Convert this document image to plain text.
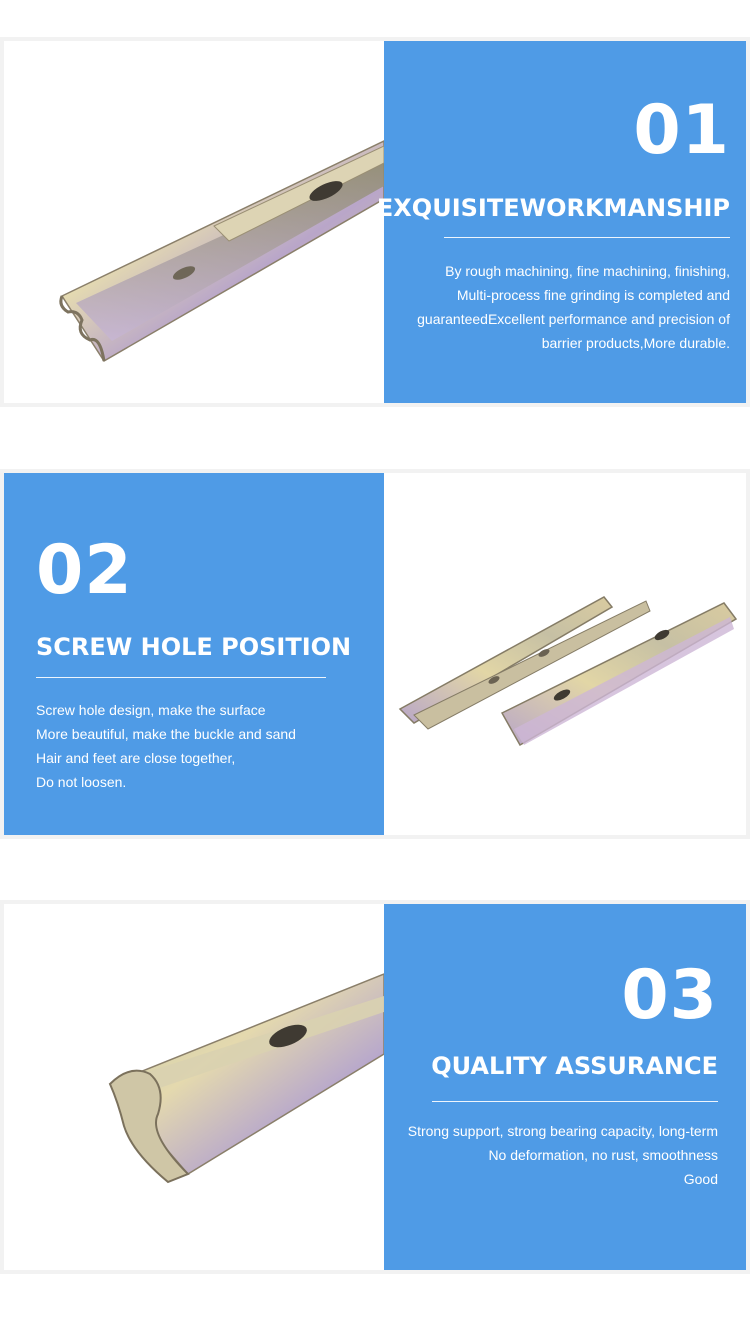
01
EXQUISITEWORKMANSHIP
By rough machining, fine machining, finishing,
Multi-process fine grinding is completed and
guaranteedExcellent performance and precision of
barrier products,More durable.
02
SCREW HOLE POSITION
Screw hole design, make the surface
More beautiful, make the buckle and sand
Hair and feet are close together,
Do not loosen.
03
QUALITY ASSURANCE
Strong support, strong bearing capacity, long-term
No deformation, no rust, smoothness
Good
